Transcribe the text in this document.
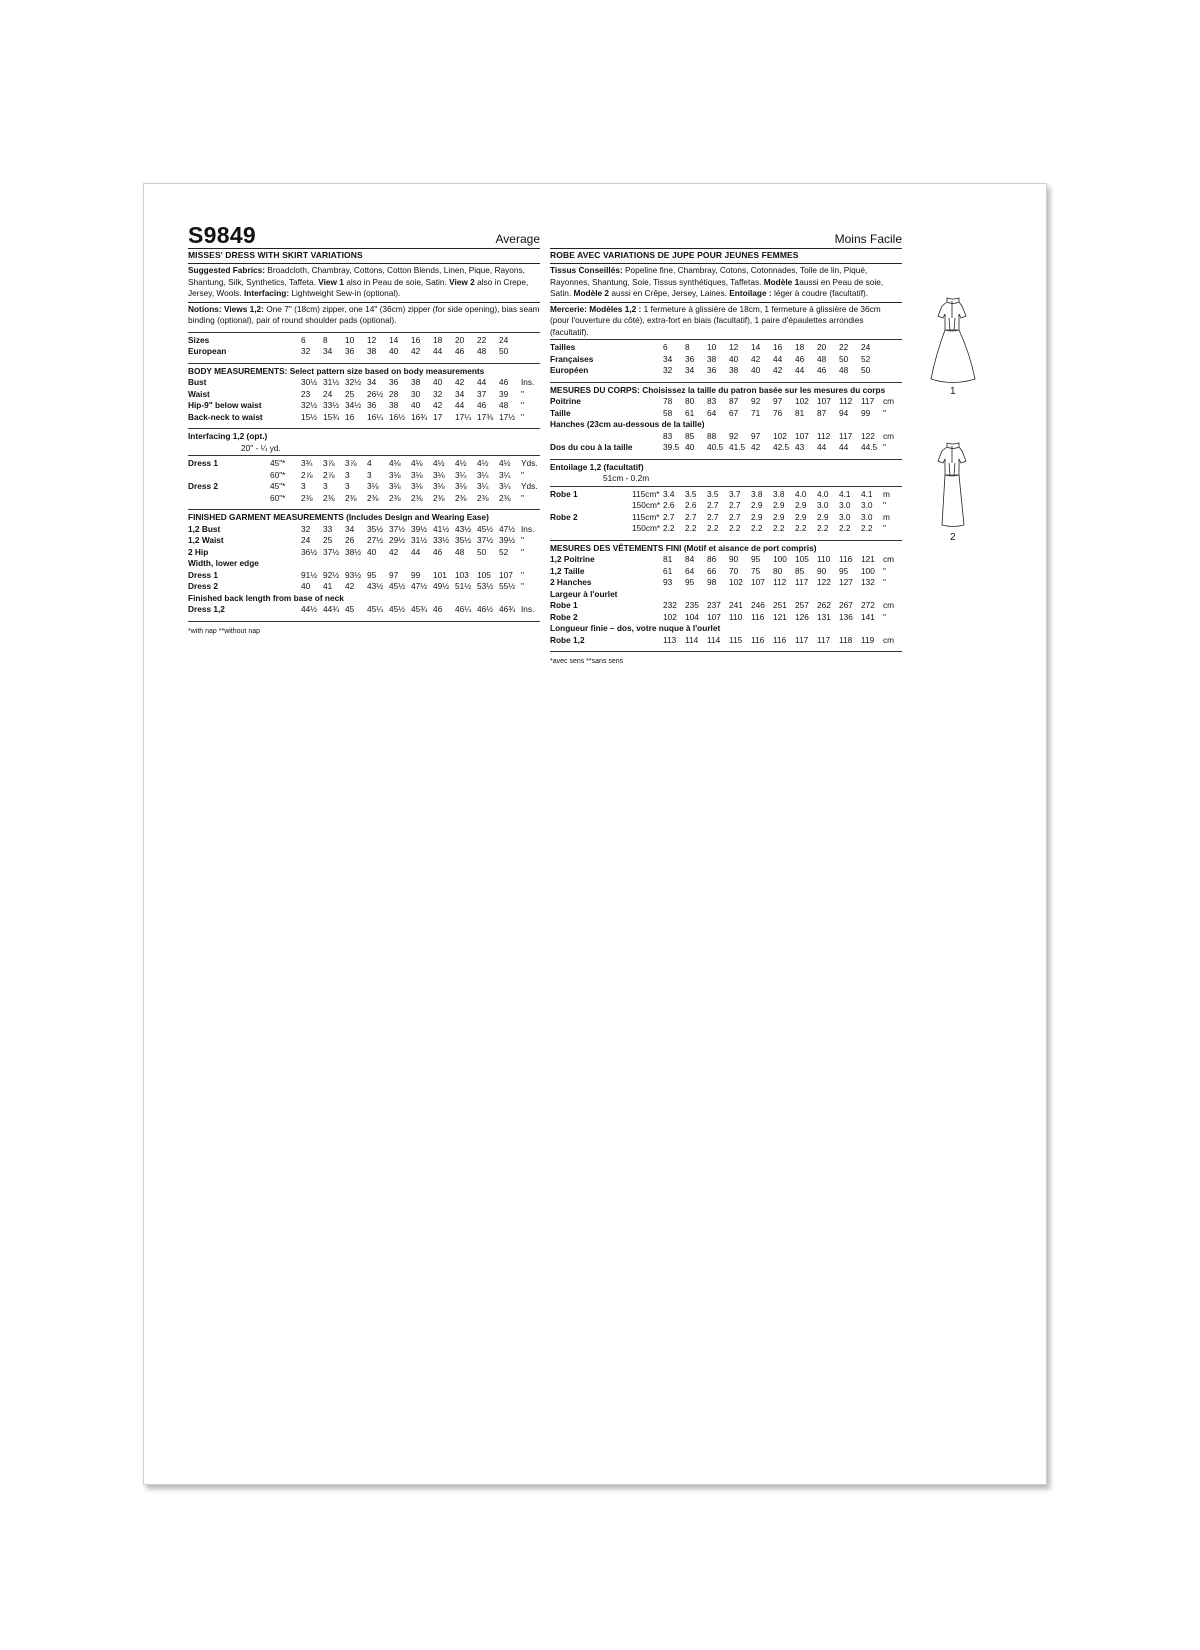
S9849	Average
MISSES' DRESS WITH SKIRT VARIATIONS
Suggested Fabrics: Broadcloth, Chambray, Cottons, Cotton Blends, Linen, Pique, Rayons, Shantung, Silk, Synthetics, Taffeta. View 1 also in Peau de soie, Satin. View 2 also in Crepe, Jersey, Wools. Interfacing: Lightweight Sew-in (optional).
Notions: Views 1,2: One 7" (18cm) zipper, one 14" (36cm) zipper (for side opening), bias seam binding (optional), pair of round shoulder pads (optional).
Sizes		6	8	10	12	14	16	18	20	22	24	
European		32	34	36	38	40	42	44	46	48	50	
BODY MEASUREMENTS: Select pattern size based on body measurements
Bust		30½	31½	32½	34	36	38	40	42	44	46	Ins.
Waist		23	24	25	26½	28	30	32	34	37	39	"
Hip-9" below waist		32½	33½	34½	36	38	40	42	44	46	48	"
Back-neck to waist		15½	15¾	16	16¼	16½	16¾	17	17¼	17⅜	17½	"
Interfacing 1,2 (opt.)
20" - ¼ yd.
Dress 1	45"*	3¾	3⅞	3⅞	4	4⅛	4⅛	4½	4½	4½	4½	Yds.
	60"*	2⅞	2⅞	3	3	3⅛	3⅛	3⅛	3¼	3¼	3¼	"
Dress 2	45"*	3	3	3	3⅛	3⅛	3⅛	3⅛	3⅛	3¼	3¼	Yds.
	60"*	2⅜	2⅜	2⅜	2⅜	2⅜	2⅜	2⅜	2⅜	2⅜	2⅜	"
FINISHED GARMENT MEASUREMENTS (Includes Design and Wearing Ease)
1,2 Bust		32	33	34	35½	37½	39½	41½	43½	45½	47½	Ins.
1,2 Waist		24	25	26	27½	29½	31½	33½	35½	37½	39½	"
2 Hip		36½	37½	38½	40	42	44	46	48	50	52	"
Width, lower edge												
Dress 1		91½	92½	93½	95	97	99	101	103	105	107	"
Dress 2		40	41	42	43½	45½	47½	49½	51½	53½	55½	"
Finished back length from base of neck												
Dress 1,2		44½	44¾	45	45¼	45½	45¾	46	46¼	46½	46¾	Ins.
*with nap **without nap
Moins Facile
ROBE AVEC VARIATIONS DE JUPE POUR JEUNES FEMMES
Tissus Conseillés: Popeline fine, Chambray, Cotons, Cotonnades, Toile de lin, Piqué, Rayonnes, Shantung, Soie, Tissus synthétiques, Taffetas. Modèle 1aussi en Peau de soie, Satin. Modèle 2 aussi en Crêpe, Jersey, Laines. Entoilage : léger à coudre (facultatif).
Mercerie: Modèles 1,2 : 1 fermeture à glissière de 18cm, 1 fermeture à glissière de 36cm (pour l'ouverture du côté), extra-fort en biais (facultatif), 1 paire d'épaulettes arrondies (facultatif).
Tailles		6	8	10	12	14	16	18	20	22	24	
Françaises		34	36	38	40	42	44	46	48	50	52	
Européen		32	34	36	38	40	42	44	46	48	50	
MESURES DU CORPS: Choisissez la taille du patron basée sur les mesures du corps
Poitrine		78	80	83	87	92	97	102	107	112	117	cm
Taille		58	61	64	67	71	76	81	87	94	99	"
Hanches (23cm au-dessous de la taille)												
		83	85	88	92	97	102	107	112	117	122	cm
Dos du cou à la taille		39.5	40	40.5	41.5	42	42.5	43	44	44	44.5	"
Entoilage 1,2 (facultatif)
51cm - 0.2m
Robe 1	115cm*	3.4	3.5	3.5	3.7	3.8	3.8	4.0	4.0	4.1	4.1	m
	150cm*	2.6	2.6	2.7	2.7	2.9	2.9	2.9	3.0	3.0	3.0	"
Robe 2	115cm*	2.7	2.7	2.7	2.7	2.9	2.9	2.9	2.9	3.0	3.0	m
	150cm*	2.2	2.2	2.2	2.2	2.2	2.2	2.2	2.2	2.2	2.2	"
MESURES DES VÊTEMENTS FINI (Motif et aisance de port compris)
1,2 Poitrine		81	84	86	90	95	100	105	110	116	121	cm
1,2 Taille		61	64	66	70	75	80	85	90	95	100	"
2 Hanches		93	95	98	102	107	112	117	122	127	132	"
Largeur à l'ourlet												
Robe 1		232	235	237	241	246	251	257	262	267	272	cm
Robe 2		102	104	107	110	116	121	126	131	136	141	"
Longueur finie – dos, votre nuque à l'ourlet												
Robe 1,2		113	114	114	115	116	116	117	117	118	119	cm
*avec sens **sans sens
1
2
